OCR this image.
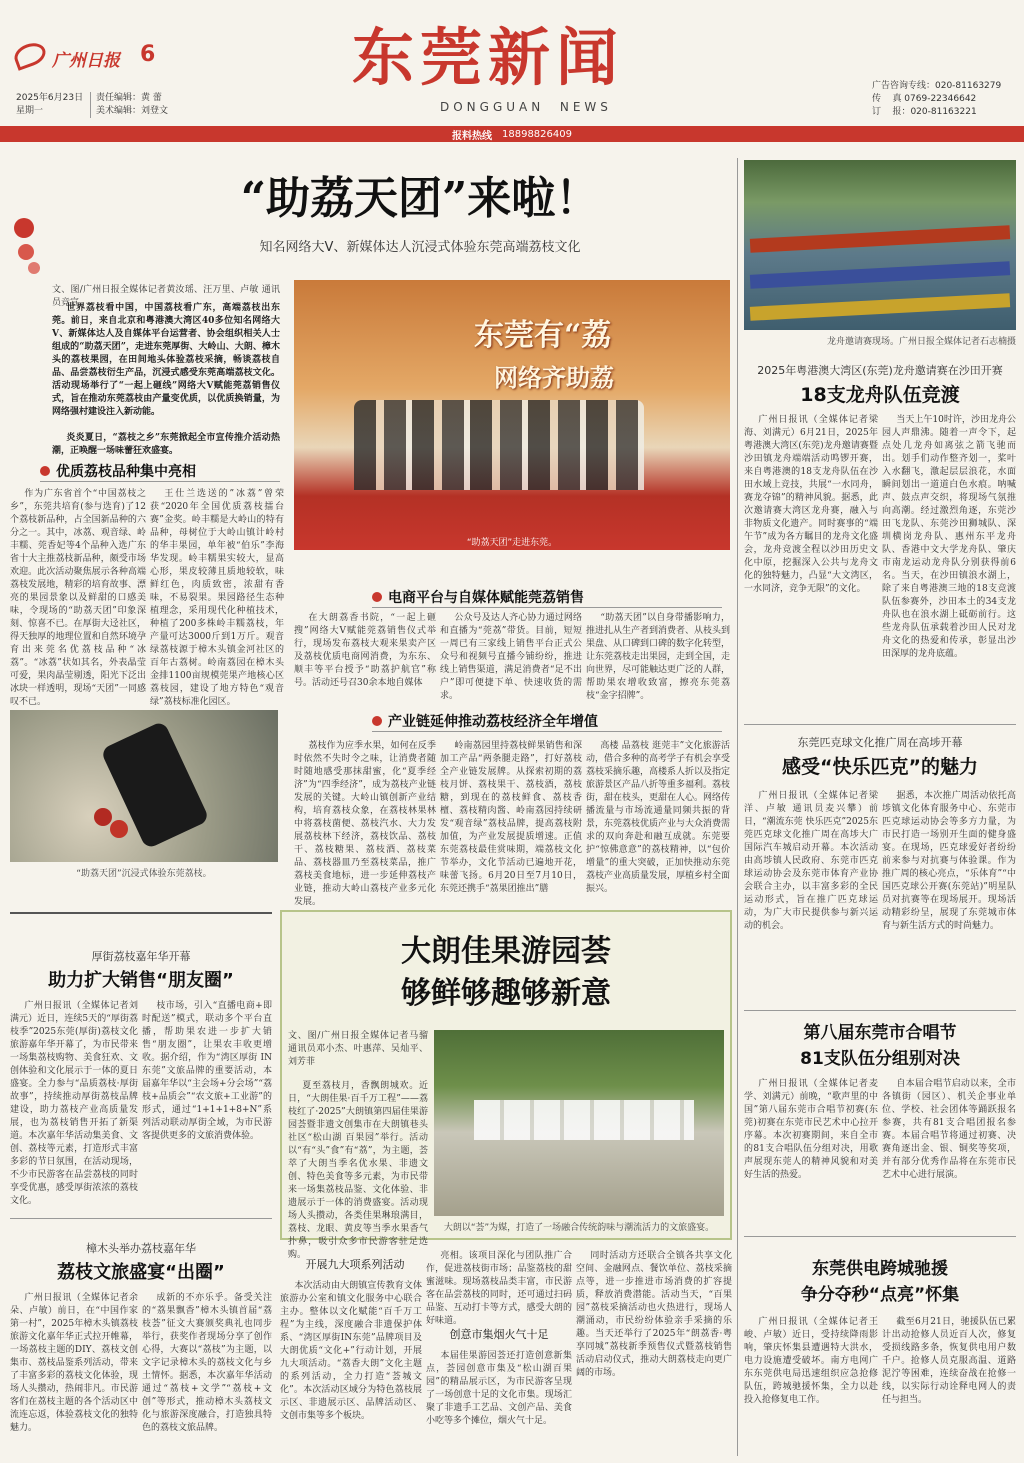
广州日报 6
2025年6月23日
星期一
责任编辑：黄 蕾
美术编辑：刘登文
东莞新闻
DONGGUAN  NEWS
广告咨询专线：020-81163279
传    真 0769-22346642
订    报：020-81163221
报料热线 18898826409
“助荔天团”来啦！
知名网络大V、新媒体达人沉浸式体验东莞高端荔枝文化
文、图/广州日报全媒体记者黄汝瑶、汪万里、卢敏 通讯员竞宣
世界荔枝看中国，中国荔枝看广东，高端荔枝出东莞。前日，来自北京和粤港澳大湾区40多位知名网络大V、新媒体达人及自媒体平台运营者、协会组织相关人士组成的“助荔天团”，走进东莞厚街、大岭山、大朗、樟木头的荔枝果园，在田间地头体验荔枝采摘，畅谈荔枝自品、品尝荔枝衍生产品，沉浸式感受东莞高端荔枝文化。活动现场举行了“一起上砸线”网络大V赋能莞荔销售仪式，旨在推动东莞荔枝由产量变优质，以优质换销量，为网络强村建设注入新动能。
炎炎夏日，“荔枝之乡”东莞掀起全市宣传推介活动热潮，正唤醒一场味蕾狂欢盛宴。
东莞有“荔
网络齐助荔
“助荔天团”走进东莞。
优质荔枝品种集中亮相
作为广东省首个“中国荔枝之乡”，东莞共培育(参与选育)了12个荔枝新品种，占全国新品种的六分之一。其中，冰荔、观音绿、岭丰糯、莞香妃等4个品种入选广东省十大主推荔枝新品种，颇受市场欢迎。此次活动聚焦展示各种高端荔枝发展地，精彩的培育故事、漂亮的果园景象以及鲜甜的口感美味，令现场的“助荔天团”印象深刻、惊喜不已。在厚街大迳社区，得天独厚的地理位置和自然环境孕育出来莞名优荔枝品种“冰荔”。“冰荔”状如其名，外表晶莹可爱，果肉晶莹剔透，阳光下泛出冰块一样透明，现场“天团”一同感叹不已。
王仕兰选送的”冰荔”曾荣获“2020年全国优质荔枝擂台赛”金奖。岭丰糯是大岭山的特有品种，母树位于大岭山镇计岭村的华丰果园，单年被“伯乐”李海华发现。岭丰糯果实较大，显高心形，果皮较薄且质地较软，味鲜红色，肉质致密，浓甜有香味，不易裂果。果园路径生态种植理念，采用现代化种植技术，种植了200多株岭丰糯荔枝，年产量可达3000斤到1万斤。观音绿荔枝源于樟木头镇金河社区的百年古荔树。岭南荔园在樟木头金排1100亩规模莞果产地核心区荔枝园，建设了地方特色“观音绿”荔枝标准化园区。
“助荔天团”沉浸式体验东莞荔枝。
电商平台与自媒体赋能莞荔销售
在大朗荔香书院，“一起上砸搜”网络大V赋能莞荔销售仪式举行，现场发布荔枝大观来果卖产区及荔枝优质电商网消费，为东东、顺丰等平台授予“助荔护航官”称号。活动还号召30余本地自媒体
公众号及达人齐心协力通过网络和直播为“莞荔”带货。目前，短短一周已有三家线上销售平台正式公众号和视频号直播今铺纷纷，推进线上销售渠道，满足消费者“足不出户”即可便捷下单、快速收货的需求。
“助荔天团”以自身带播影响力，推进扎从生产者到消费者、从枝头到果盘、从口碑到口碑的数字化转型，让东莞荔枝走出果园，走到全国，走向世界，尽可能触达更广泛的人群，帮助果农增收致富，擦亮东莞荔枝“金字招牌”。
产业链延伸推动荔枝经济全年增值
荔枝作为应季水果，如何在反季时依然不失时令之味，让消费者随时随地感受那抹甜蜜，化“夏季经济”为“四季经济”，成为荔枝产业链发展的关键。大岭山镇创新产业结构，培育荔枝众象，在荔枝林果林中将荔枝菌便、荔枝汽水、大力发展荔枝林下经济，荔枝饮品、荔枝干、荔枝糖果、荔枝酒、荔枝菜品、荔枝器皿乃至荔枝菜品，推广荔枝美食地标，进一步延伸荔枝产业链，推动大岭山荔枝产业多元化发展。
岭南荔园里持荔枝鲜果销售和深加工产品“两条腿走路”，打好荔枝全产业链发展牌。从探索初期的荔枝月饼、荔枝果干、荔枝酒，荔枝糖，到现在的荔枝鲜食、荔枝香檀、荔枝精肉酱、岭南荔园持续研发“观音绿”荔枝品牌，提高荔枝附加值，为产业发展提质增速。正值东莞荔枝最佳赏味期，端荔枝文化节举办，文化节活动已遍地开花，味蕾飞扬。6月20日至7月10日，东莞还携手“荔果团推出”膳
高楼 品荔枝 逛莞丰”文化旅游活动，借合多种的高考学子有机会享受荔枝采摘乐趣，高楼系人折以及指定旅游景区产品八折等重多福利。荔枝街，甜在枝头，更甜在人心。网络传播流量与市场流通量同频共振的背景，东莞荔枝优质产业与大众消费需求的双向奔赴和融互成就。东莞要护“惊佛意意”的荔枝精神，以“包价增量”的重大突破，正加快推动东莞荔枝产业高质量发展，厚植乡村全面振兴。
龙舟邀请赛现场。广州日报全媒体记者石志楠摄
2025年粤港澳大湾区(东莞)龙舟邀请赛在沙田开赛
18支龙舟队伍竞渡
广州日报讯（全媒体记者梁海、刘满元）6月21日，2025年粤港澳大湾区(东莞)龙舟邀请赛暨沙田镇龙舟端端活动鸣锣开赛，来自粤港澳的18支龙舟队伍在沙田水域上竞技，共展“一水同舟，赛龙夺锦”的精神风貌。据悉，此次邀请赛大湾区龙舟赛，融入与非物质文化遗产。同时赛事的“端午节”成为各方瞩目的龙舟文化盛会，龙舟竞渡全程以沙田历史文化中原，挖掘深入公共与龙舟文化的独特魅力，凸显“大文湾区，一水同济，竞争无限”的文化。
当天上午10时许，沙田龙舟公园人声鼎沸。随着一声令下，起点处几龙舟如离弦之箭飞驰而出。划手们动作整齐划一，桨叶入水翻飞，激起层层浪花，水面瞬间划出一道道白色水痕。呐喊声、鼓点声交织，将现场气氛推向高潮。经过激烈角逐，东莞沙田飞龙队、东莞沙田狮城队、深圳横岗龙舟队、惠州东平龙舟队、香港中文大学龙舟队、肇庆市南龙运动龙舟队分别获得前6名。当天，在沙田镇浪水湖上，除了来自粤港澳三地的18支竞渡队伍参赛外，沙田本土的34支龙舟队也在浪水湖上砥砺前行。这些龙舟队伍承载着沙田人民对龙舟文化的热爱和传承，彰显出沙田深厚的龙舟底蕴。
东莞匹克球文化推广周在高埗开幕
感受“快乐匹克”的魅力
广州日报讯（全媒体记者梁洋、卢敏 通讯员麦兴攀）前日，“潮流东莞 快乐匹克”2025东莞匹克球文化推广周在高埗大广国际汽车城启动开幕。本次活动由高埗镇人民政府、东莞市匹克球运动协会及东莞市体育产业协会联合主办，以丰富多彩的全民运动形式，旨在推广匹克球运动，为广大市民提供参与新兴运动的机会。
据悉，本次推广周活动依托高埗镇文化体育服务中心、东莞市匹克球运动协会等多方力量，为市民打造一场别开生面的健身盛宴。在现场，匹克球爱好者纷纷前来参与对抗赛与体验课。作为推广周的核心亮点，“乐体育”“中国匹克球公开赛(东莞站)”明星队员对抗赛等在现场展开。现场活动精彩纷呈，展现了东莞城市体育与新生活方式的时尚魅力。
第八届东莞市合唱节
81支队伍分组别对决
广州日报讯（全媒体记者麦学、刘满元）前晚，“歌声里的中国”第八届东莞市合唱节初赛(东莞)初赛在东莞市民艺术中心拉开序幕。本次初赛期间，来自全市的81支合唱队伍分组对决，用歌声展现东莞人的精神风貌和对美好生活的热爱。
自本届合唱节启动以来，全市各镇街（园区）、机关企事业单位、学校、社会团体等踊跃报名参赛，共有81支合唱团报名参赛。本届合唱节将通过初赛、决赛角逐出金、银、铜奖等奖项，并有部分优秀作品将在东莞市民艺术中心进行展演。
东莞供电跨城驰援
争分夺秒“点亮”怀集
广州日报讯（全媒体记者王峻、卢敏）近日，受持续降雨影响，肇庆怀集县遭遇特大洪水，电力设施遭受破坏。南方电网广东东莞供电局迅速组织应急抢修队伍，跨城驰援怀集，全力以赴投入抢修复电工作。
截至6月21日，驰援队伍已累计出动抢修人员近百人次，修复受损线路多条，恢复供电用户数千户。抢修人员克服高温、道路泥泞等困难，连续奋战在抢修一线，以实际行动诠释电网人的责任与担当。
厚街荔枝嘉年华开幕
助力扩大销售“朋友圈”
广州日报讯（全媒体记者刘满元）近日，连续5天的“厚街荔枝季”2025东莞(厚街)荔枝文化旅游嘉年华开幕了，为市民带来一场集荔枝购物、美食狂欢、文创体验和文化展示于一体的夏日盛宴。全力参与“品质荔枝·厚街故事”，持续推动厚街荔枝品牌建设，助力荔枝产业高质量发展，也为荔枝销售开拓了新渠道。本次嘉年华活动集美食、文创、荔枝等元素，打造形式丰富多彩的节日氛围，在活动现场，不少市民游客在品尝荔枝的同时享受优惠，感受厚街浓浓的荔枝文化。
枝市场，引入“直播电商+即时配送”模式，联动多个平台直播，帮助果农进一步扩大销售“朋友圈”，让果农丰收更增收。据介绍，作为“湾区厚街 IN东莞”文旅品牌的重要活动，本届嘉年华以“主会场+分会场”“荔枝+品质会”“农文旅+工业游”的形式，通过“1+1+1+8+N”系列活动联动厚街全域，为市民游客提供更多的文旅消费体验。
樟木头举办荔枝嘉年华
荔枝文旅盛宴“出圈”
广州日报讯（全媒体记者余朵、卢敏）前日，在“中国作家第一村”，2025年樟木头镇荔枝旅游文化嘉年华正式拉开帷幕，一场荔枝主题的DIY、荔枝文创集市、荔枝品鉴系列活动，带来了丰富多彩的荔枝文化体验，现场人头攒动，热闹非凡。市民游客们在荔枝主题的各个活动区中流连忘返，体验荔枝文化的独特魅力。
成新的不亦乐乎。备受关注的“荔果飘香”樟木头镇首届“荔枝荟”征文大赛颁奖典礼也同步举行，获奖作者现场分享了创作心得，大赛以“荔枝”为主题，以文字记录樟木头的荔枝文化与乡土情怀。据悉，本次嘉年华活动通过“荔枝+文学”“荔枝+文创”等形式，推动樟木头荔枝文化与旅游深度融合，打造独具特色的荔枝文旅品牌。
大朗佳果游园荟
够鲜够趣够新意
文、图/广州日报全媒体记者马骝 通讯员邓小杰、叶惠萍、吴灿平、刘芳菲
夏至荔枝月，香飘朗城欢。近日，“大朗佳果·百千万工程”——荔枝红了·2025”大朗镇第四届佳果游园荟暨非遗文创集市在大朗镇巷头社区“松山湖 百果园”举行。活动以“有“头”食”有“荔”，为主题，荟萃了大朗当季名优水果、非遗文创、特色美食等多元素，为市民带来一场集荔枝品鉴、文化体验、非遗展示于一体的消费盛宴。活动现场人头攒动，各类佳果琳琅满目，荔枝、龙眼、黄皮等当季水果香气扑鼻，吸引众多市民游客驻足选购。
大朗以“荟”为媒，打造了一场融合传统韵味与潮流活力的文旅盛宴。
开展九大项系列活动
本次活动由大朗镇宣传教育文体旅游办公室和镇文化服务中心联合主办。整体以文化赋能“百千万工程”为主线，深度融合非遗保护体系、“湾区厚街IN东莞”品牌项目及大朗优质“文化+”行动计划，开展九大项活动。“荔香大朗”文化主题的系列活动，全力打造“荟城文化”。本次活动区域分为特色荔枝展示区、非遗展示区、品牌活动区、文创市集等多个板块。
亮相。该项目深化与团队推广合作，促进荔枝街市场；品鉴荔枝的甜蜜滋味。现场荔枝品类丰富，市民游客在品尝荔枝的同时，还可通过扫码品鉴、互动打卡等方式，感受大朗的好味道。
创意市集烟火气十足
本届佳果游园荟还打造创意新集点，荟园创意市集及“松山湖百果园”的精品展示区，为市民游客呈现了一场创意十足的文化市集。现场汇聚了非遗手工艺品、文创产品、美食小吃等多个摊位，烟火气十足。
同时活动方还联合全镇各共享文化空间、金融网点、餐饮单位、荔枝采摘点等，进一步推进市场消费的扩容提质，释放消费潜能。活动当天，“百果园”荔枝采摘活动也火热进行，现场人潮涌动，市民纷纷体验亲手采摘的乐趣。当天还举行了2025年“朗荔香·粤享同城”荔枝新季预售仪式暨荔枝销售活动启动仪式，推动大朗荔枝走向更广阔的市场。
